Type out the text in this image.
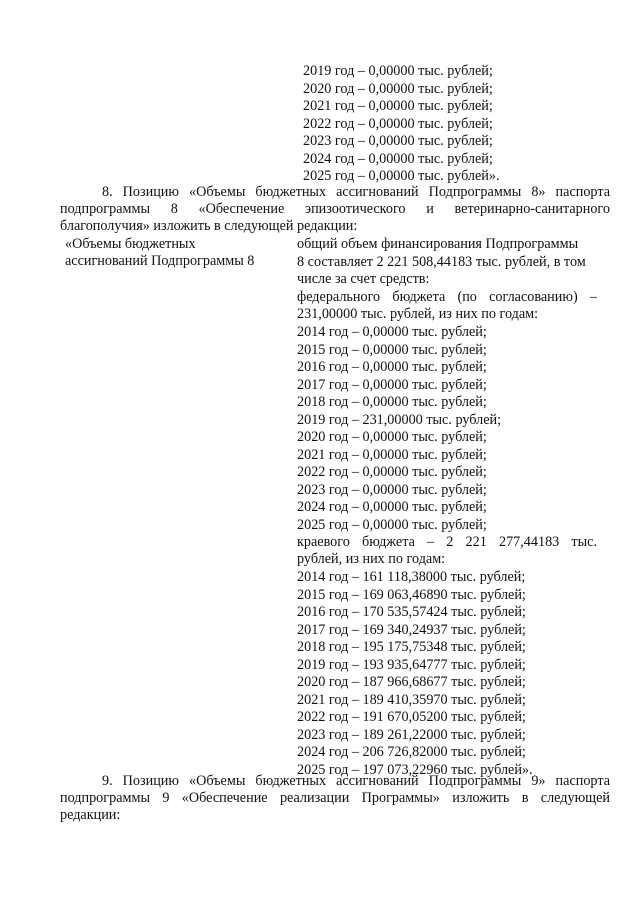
2019 год – 0,00000 тыс. рублей;
2020 год – 0,00000 тыс. рублей;
2021 год – 0,00000 тыс. рублей;
2022 год – 0,00000 тыс. рублей;
2023 год – 0,00000 тыс. рублей;
2024 год – 0,00000 тыс. рублей;
2025 год – 0,00000 тыс. рублей».
8. Позицию «Объемы бюджетных ассигнований Подпрограммы 8» паспорта
подпрограммы 8 «Обеспечение эпизоотического и ветеринарно-санитарного
благополучия» изложить в следующей редакции:
«Объемы бюджетных
ассигнований Подпрограммы 8
общий объем финансирования Подпрограммы
8 составляет 2 221 508,44183 тыс. рублей, в том
числе за счет средств:
федерального бюджета (по согласованию) –
231,00000 тыс. рублей, из них по годам:
2014 год – 0,00000 тыс. рублей;
2015 год – 0,00000 тыс. рублей;
2016 год – 0,00000 тыс. рублей;
2017 год – 0,00000 тыс. рублей;
2018 год – 0,00000 тыс. рублей;
2019 год – 231,00000 тыс. рублей;
2020 год – 0,00000 тыс. рублей;
2021 год – 0,00000 тыс. рублей;
2022 год – 0,00000 тыс. рублей;
2023 год – 0,00000 тыс. рублей;
2024 год – 0,00000 тыс. рублей;
2025 год – 0,00000 тыс. рублей;
краевого бюджета – 2 221 277,44183 тыс.
рублей, из них по годам:
2014 год – 161 118,38000 тыс. рублей;
2015 год – 169 063,46890 тыс. рублей;
2016 год – 170 535,57424 тыс. рублей;
2017 год – 169 340,24937 тыс. рублей;
2018 год – 195 175,75348 тыс. рублей;
2019 год – 193 935,64777 тыс. рублей;
2020 год – 187 966,68677 тыс. рублей;
2021 год – 189 410,35970 тыс. рублей;
2022 год – 191 670,05200 тыс. рублей;
2023 год – 189 261,22000 тыс. рублей;
2024 год – 206 726,82000 тыс. рублей;
2025 год – 197 073,22960 тыс. рублей».
9. Позицию «Объемы бюджетных ассигнований Подпрограммы 9» паспорта
подпрограммы 9 «Обеспечение реализации Программы» изложить в следующей
редакции:
